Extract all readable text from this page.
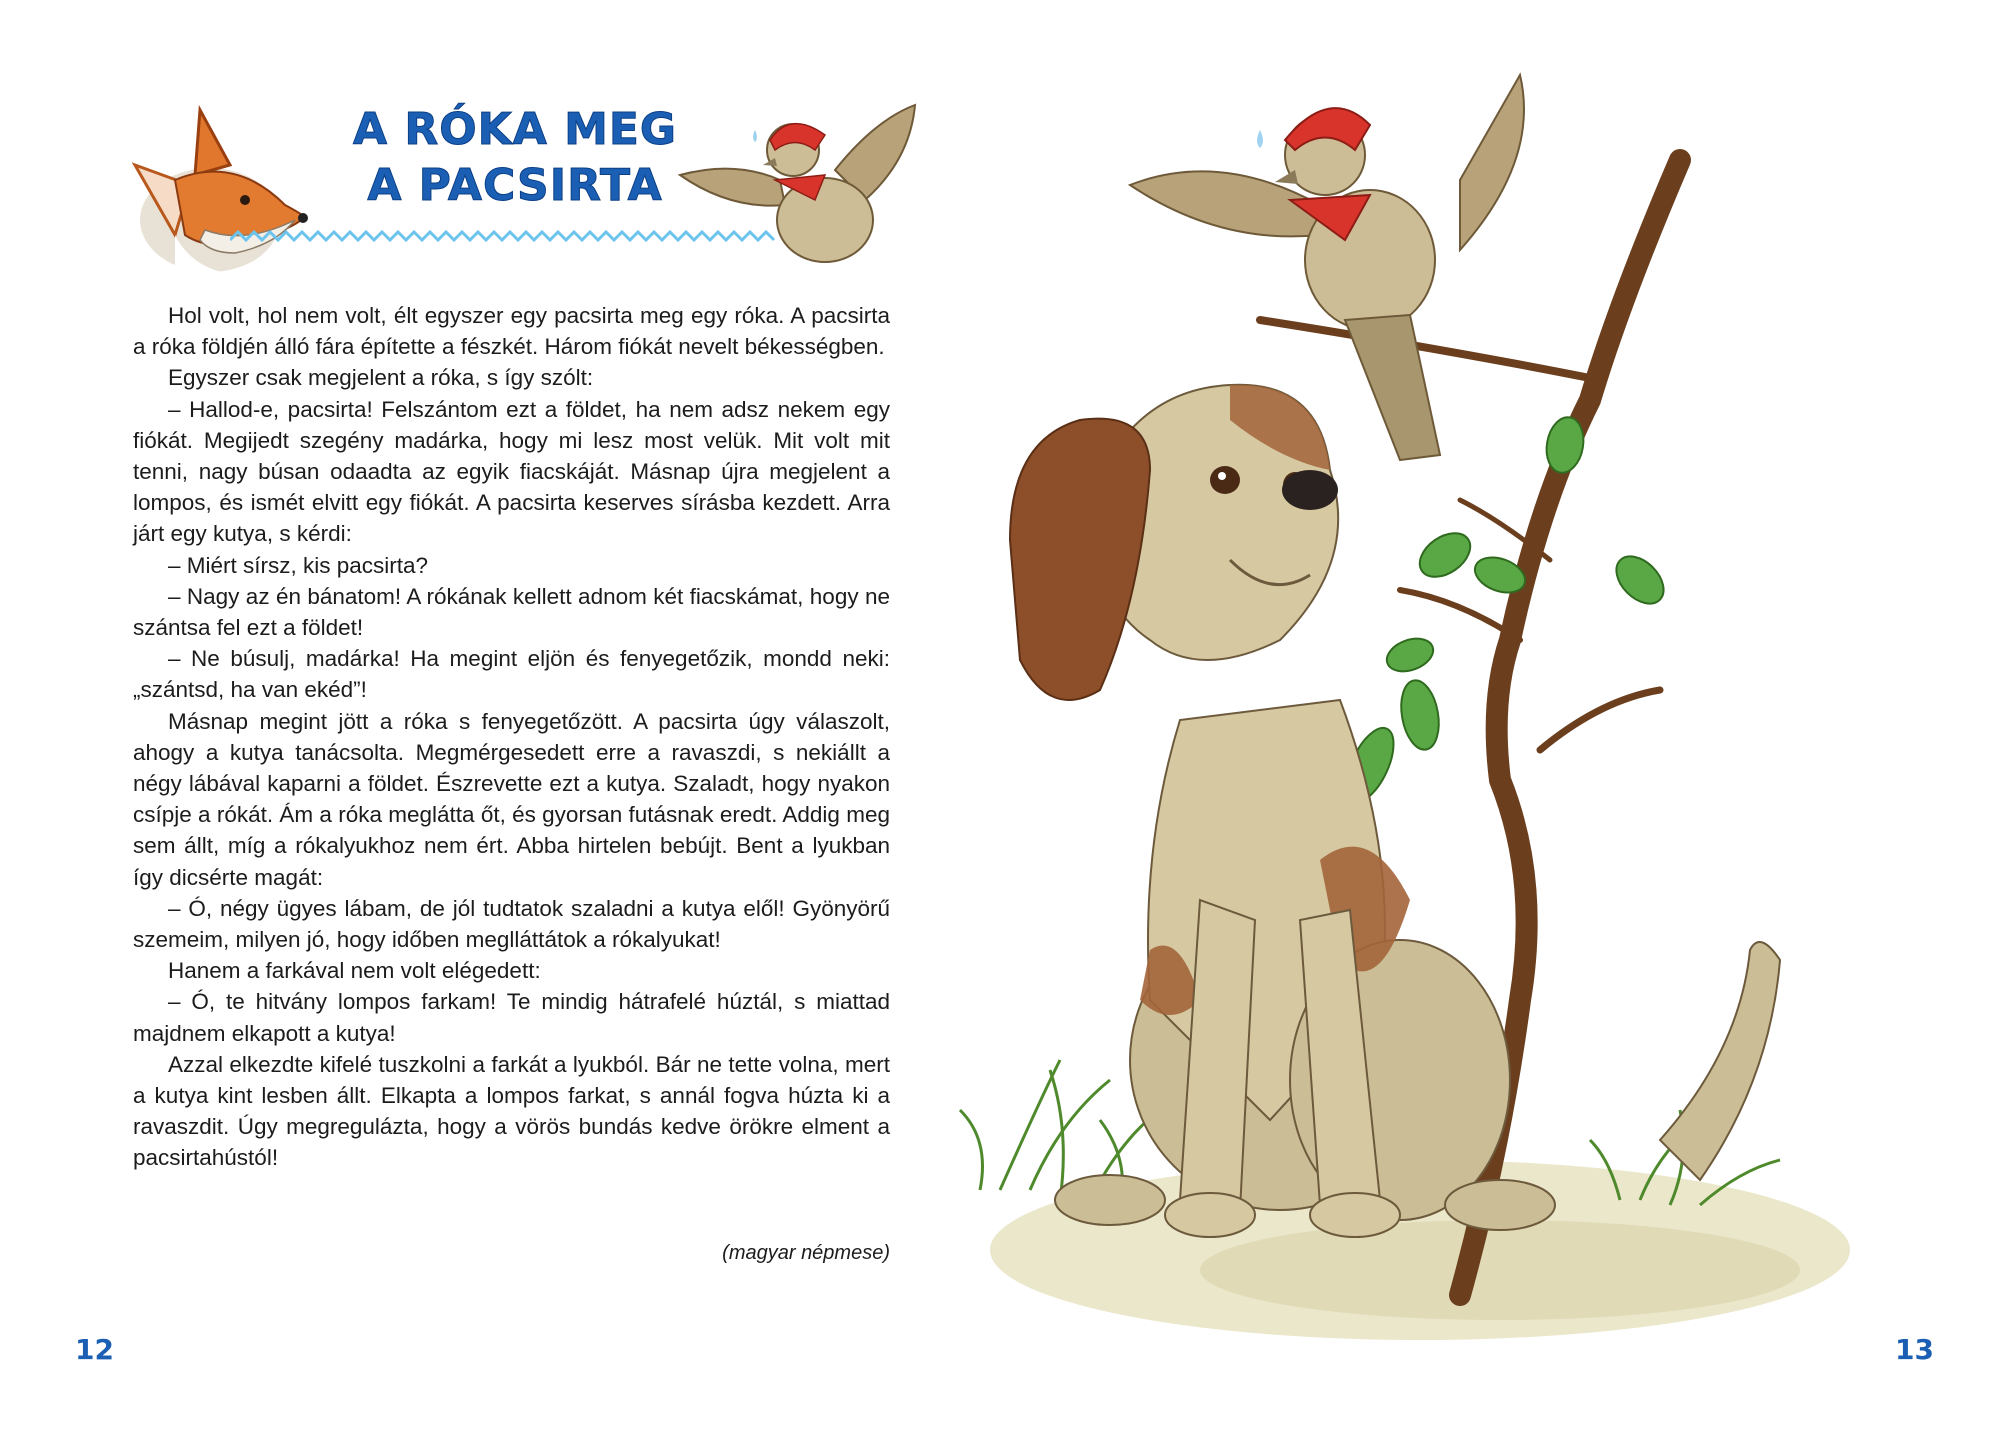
A RÓKA MEG
A PACSIRTA

Hol volt, hol nem volt, élt egyszer egy pacsirta meg egy róka. A pacsirta a róka földjén álló fára építette a fészkét. Három fiókát nevelt békességben.

Egyszer csak megjelent a róka, s így szólt:

– Hallod-e, pacsirta! Felszántom ezt a földet, ha nem adsz nekem egy fiókát. Megijedt szegény madárka, hogy mi lesz most velük. Mit volt mit tenni, nagy búsan odaadta az egyik fiacskáját. Másnap újra megjelent a lompos, és ismét elvitt egy fiókát. A pacsirta keserves sírásba kezdett. Arra járt egy kutya, s kérdi:

– Miért sírsz, kis pacsirta?

– Nagy az én bánatom! A rókának kellett adnom két fiacskámat, hogy ne szántsa fel ezt a földet!

– Ne búsulj, madárka! Ha megint eljön és fenyegetőzik, mondd neki: „szántsd, ha van ekéd”!

Másnap megint jött a róka s fenyegetőzött. A pacsirta úgy válaszolt, ahogy a kutya tanácsolta. Megmérgesedett erre a ravaszdi, s nekiállt a négy lábával kaparni a földet. Észrevette ezt a kutya. Szaladt, hogy nyakon csípje a rókát. Ám a róka meglátta őt, és gyorsan futásnak eredt. Addig meg sem állt, míg a rókalyukhoz nem ért. Abba hirtelen bebújt. Bent a lyukban így dicsérte magát:

– Ó, négy ügyes lábam, de jól tudtatok szaladni a kutya elől! Gyönyörű szemeim, milyen jó, hogy időben meglláttátok a rókalyukat!

Hanem a farkával nem volt elégedett:

– Ó, te hitvány lompos farkam! Te mindig hátrafelé húztál, s miattad majdnem elkapott a kutya!

Azzal elkezdte kifelé tuszkolni a farkát a lyukból. Bár ne tette volna, mert a kutya kint lesben állt. Elkapta a lompos farkat, s annál fogva húzta ki a ravaszdit. Úgy megregulázta, hogy a vörös bundás kedve örökre elment a pacsirtahústól!

(magyar népmese)
12	13
